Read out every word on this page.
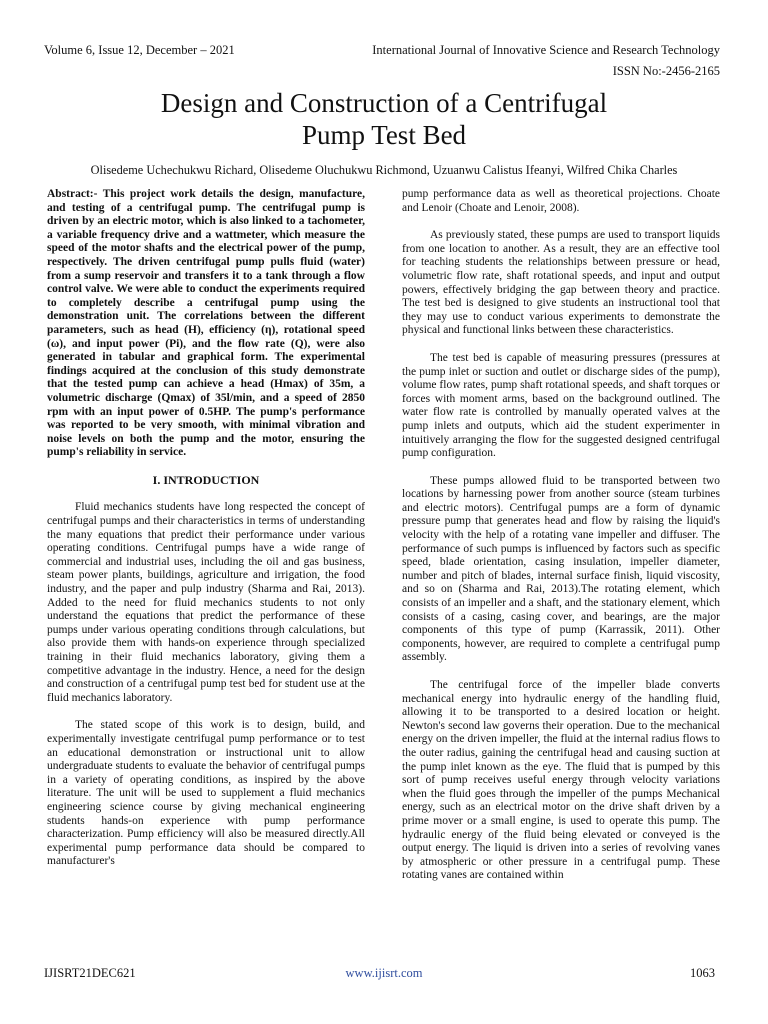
Volume 6, Issue 12, December – 2021	International Journal of Innovative Science and Research Technology
ISSN No:-2456-2165
Design and Construction of a Centrifugal
Pump Test Bed
Olisedeme Uchechukwu Richard, Olisedeme Oluchukwu Richmond, Uzuanwu Calistus Ifeanyi, Wilfred Chika Charles

Abstract:- This project work details the design, manufacture, and testing of a centrifugal pump. The centrifugal pump is driven by an electric motor, which is also linked to a tachometer, a variable frequency drive and a wattmeter, which measure the speed of the motor shafts and the electrical power of the pump, respectively. The driven centrifugal pump pulls fluid (water) from a sump reservoir and transfers it to a tank through a flow control valve. We were able to conduct the experiments required to completely describe a centrifugal pump using the demonstration unit. The correlations between the different parameters, such as head (H), efficiency (η), rotational speed (ω), and input power (Pi), and the flow rate (Q), were also generated in tabular and graphical form. The experimental findings acquired at the conclusion of this study demonstrate that the tested pump can achieve a head (Hmax) of 35m, a volumetric discharge (Qmax) of 35l/min, and a speed of 2850 rpm with an input power of 0.5HP. The pump's performance was reported to be very smooth, with minimal vibration and noise levels on both the pump and the motor, ensuring the pump's reliability in service.

I. INTRODUCTION

Fluid mechanics students have long respected the concept of centrifugal pumps and their characteristics in terms of understanding the many equations that predict their performance under various operating conditions. Centrifugal pumps have a wide range of commercial and industrial uses, including the oil and gas business, steam power plants, buildings, agriculture and irrigation, the food industry, and the paper and pulp industry (Sharma and Rai, 2013). Added to the need for fluid mechanics students to not only understand the equations that predict the performance of these pumps under various operating conditions through calculations, but also provide them with hands-on experience through specialized training in their fluid mechanics laboratory, giving them a competitive advantage in the industry. Hence, a need for the design and construction of a centrifugal pump test bed for student use at the fluid mechanics laboratory.

The stated scope of this work is to design, build, and experimentally investigate centrifugal pump performance or to test an educational demonstration or instructional unit to allow undergraduate students to evaluate the behavior of centrifugal pumps in a variety of operating conditions, as inspired by the above literature. The unit will be used to supplement a fluid mechanics engineering science course by giving mechanical engineering students hands-on experience with pump performance characterization. Pump efficiency will also be measured directly.All experimental pump performance data should be compared to manufacturer's

pump performance data as well as theoretical projections. Choate and Lenoir (Choate and Lenoir, 2008).

As previously stated, these pumps are used to transport liquids from one location to another. As a result, they are an effective tool for teaching students the relationships between pressure or head, volumetric flow rate, shaft rotational speeds, and input and output powers, effectively bridging the gap between theory and practice. The test bed is designed to give students an instructional tool that they may use to conduct various experiments to demonstrate the physical and functional links between these characteristics.

The test bed is capable of measuring pressures (pressures at the pump inlet or suction and outlet or discharge sides of the pump), volume flow rates, pump shaft rotational speeds, and shaft torques or forces with moment arms, based on the background outlined. The water flow rate is controlled by manually operated valves at the pump inlets and outputs, which aid the student experimenter in intuitively arranging the flow for the suggested designed centrifugal pump configuration.

These pumps allowed fluid to be transported between two locations by harnessing power from another source (steam turbines and electric motors). Centrifugal pumps are a form of dynamic pressure pump that generates head and flow by raising the liquid's velocity with the help of a rotating vane impeller and diffuser. The performance of such pumps is influenced by factors such as specific speed, blade orientation, casing insulation, impeller diameter, number and pitch of blades, internal surface finish, liquid viscosity, and so on (Sharma and Rai, 2013).The rotating element, which consists of an impeller and a shaft, and the stationary element, which consists of a casing, casing cover, and bearings, are the major components of this type of pump (Karrassik, 2011). Other components, however, are required to complete a centrifugal pump assembly.

The centrifugal force of the impeller blade converts mechanical energy into hydraulic energy of the handling fluid, allowing it to be transported to a desired location or height. Newton's second law governs their operation. Due to the mechanical energy on the driven impeller, the fluid at the internal radius flows to the outer radius, gaining the centrifugal head and causing suction at the pump inlet known as the eye. The fluid that is pumped by this sort of pump receives useful energy through velocity variations when the fluid goes through the impeller of the pumps Mechanical energy, such as an electrical motor on the drive shaft driven by a prime mover or a small engine, is used to operate this pump. The hydraulic energy of the fluid being elevated or conveyed is the output energy. The liquid is driven into a series of revolving vanes by atmospheric or other pressure in a centrifugal pump. These rotating vanes are contained within

IJISRT21DEC621	www.ijisrt.com	1063
